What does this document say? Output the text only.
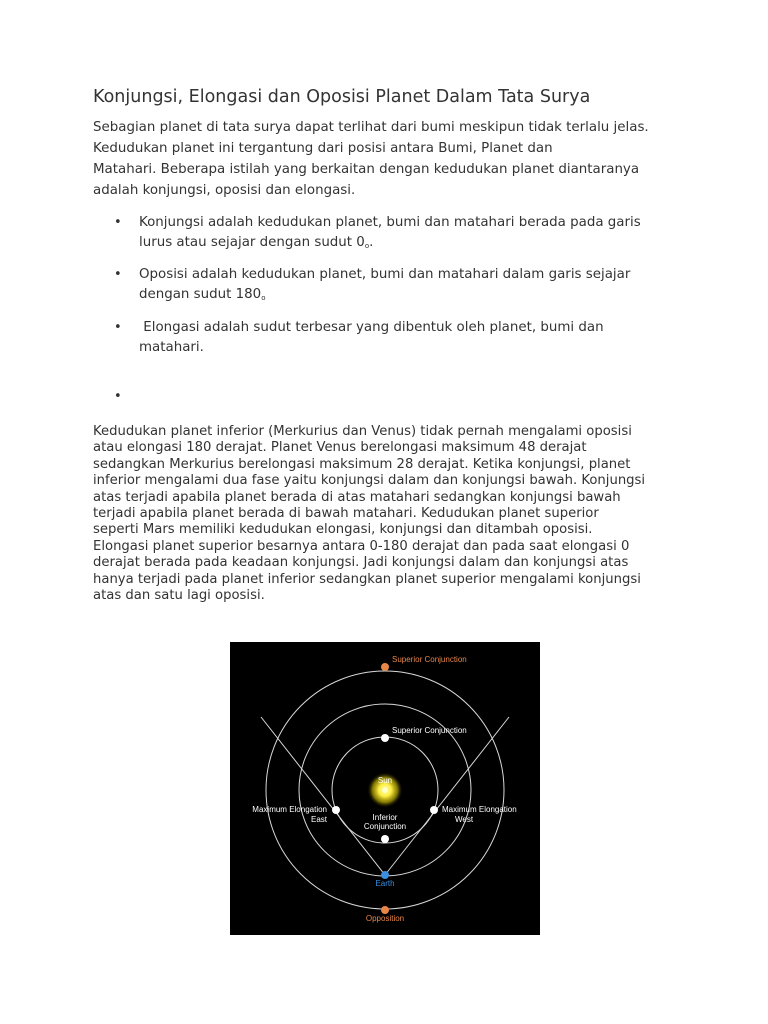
Konjungsi, Elongasi dan Oposisi Planet Dalam Tata Surya
Sebagian planet di tata surya dapat terlihat dari bumi meskipun tidak terlalu jelas.
Kedudukan planet ini tergantung dari posisi antara Bumi, Planet dan
Matahari. Beberapa istilah yang berkaitan dengan kedudukan planet diantaranya
adalah konjungsi, oposisi dan elongasi.
• Konjungsi adalah kedudukan planet, bumi dan matahari berada pada garis
lurus atau sejajar dengan sudut 0$^o$.
• Oposisi adalah kedudukan planet, bumi dan matahari dalam garis sejajar
dengan sudut 180$^o$
• Elongasi adalah sudut terbesar yang dibentuk oleh planet, bumi dan
matahari.
•
Kedudukan planet inferior (Merkurius dan Venus) tidak pernah mengalami oposisi
atau elongasi 180 derajat. Planet Venus berelongasi maksimum 48 derajat
sedangkan Merkurius berelongasi maksimum 28 derajat. Ketika konjungsi, planet
inferior mengalami dua fase yaitu konjungsi dalam dan konjungsi bawah. Konjungsi
atas terjadi apabila planet berada di atas matahari sedangkan konjungsi bawah
terjadi apabila planet berada di bawah matahari. Kedudukan planet superior
seperti Mars memiliki kedudukan elongasi, konjungsi dan ditambah oposisi.
Elongasi planet superior besarnya antara 0-180 derajat dan pada saat elongasi 0
derajat berada pada keadaan konjungsi. Jadi konjungsi dalam dan konjungsi atas
hanya terjadi pada planet inferior sedangkan planet superior mengalami konjungsi
atas dan satu lagi oposisi.
Superior Conjunction
Superior Conjunction
Sun
Maximum Elongation
East
Maximum Elongation
West
Inferior
Conjunction
Earth
Opposition
